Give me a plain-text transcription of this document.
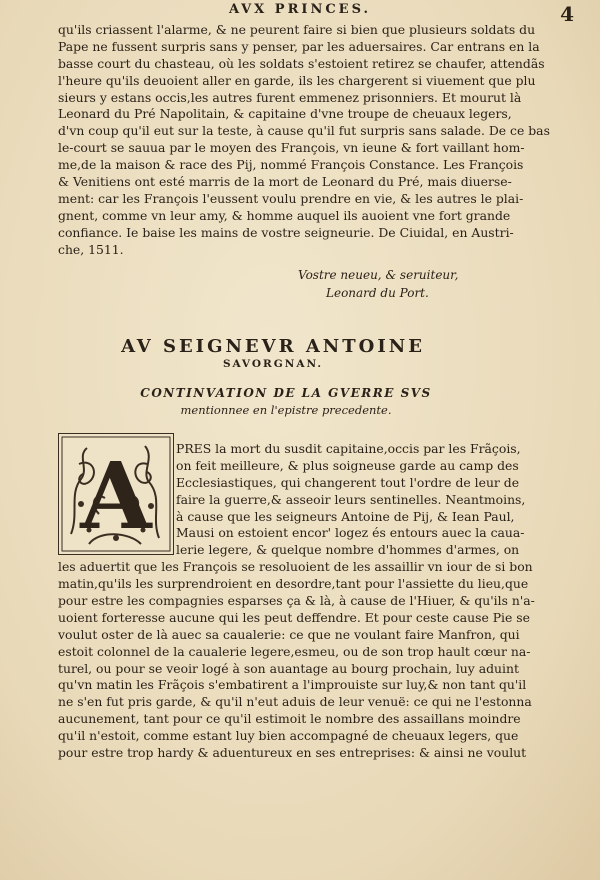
AVX PRINCES.	4
qu'ils criassent l'alarme, & ne peurent faire si bien que plusieurs soldats du
Pape ne fussent surpris sans y penser, par les aduersaires. Car entrans en la
basse court du chasteau, où les soldats s'estoient retirez se chaufer, attendãs
l'heure qu'ils deuoient aller en garde, ils les chargerent si viuement que plu
sieurs y estans occis,les autres furent emmenez prisonniers. Et mourut là
Leonard du Pré Napolitain, & capitaine d'vne troupe de cheuaux legers,
d'vn coup qu'il eut sur la teste, à cause qu'il fut surpris sans salade. De ce bas
le-court se sauua par le moyen des François, vn ieune & fort vaillant hom-
me,de la maison & race des Pij, nommé François Constance. Les François
& Venitiens ont esté marris de la mort de Leonard du Pré, mais diuerse-
ment: car les François l'eussent voulu prendre en vie, & les autres le plai-
gnent, comme vn leur amy, & homme auquel ils auoient vne fort grande
confiance. Ie baise les mains de vostre seigneurie. De Ciuidal, en Austri-
che, 1511.
Vostre neueu, & seruiteur,
Leonard du Port.
AV SEIGNEVR ANTOINE
SAVORGNAN.
CONTINVATION DE LA GVERRE SVS
mentionnee en l'epistre precedente.
A	PRES la mort du susdit capitaine,occis par les Frãçois,
on feit meilleure, & plus soigneuse garde au camp des
Ecclesiastiques, qui changerent tout l'ordre de leur de
faire la guerre,& asseoir leurs sentinelles. Neantmoins,
à cause que les seigneurs Antoine de Pij, & Iean Paul,
Mausi on estoient encor' logez és entours auec la caua-
lerie legere, & quelque nombre d'hommes d'armes, on
les aduertit que les François se resoluoient de les assaillir vn iour de si bon
matin,qu'ils les surprendroient en desordre,tant pour l'assiette du lieu,que
pour estre les compagnies esparses ça & là, à cause de l'Hiuer, & qu'ils n'a-
uoient forteresse aucune qui les peut deffendre. Et pour ceste cause Pie se
voulut oster de là auec sa caualerie: ce que ne voulant faire Manfron, qui
estoit colonnel de la caualerie legere,esmeu, ou de son trop hault cœur na-
turel, ou pour se veoir logé à son auantage au bourg prochain, luy aduint
qu'vn matin les Frãçois s'embatirent a l'improuiste sur luy,& non tant qu'il
ne s'en fut pris garde, & qu'il n'eut aduis de leur venuë: ce qui ne l'estonna
aucunement, tant pour ce qu'il estimoit le nombre des assaillans moindre
qu'il n'estoit, comme estant luy bien accompagné de cheuaux legers, que
pour estre trop hardy & aduentureux en ses entreprises: & ainsi ne voulut
